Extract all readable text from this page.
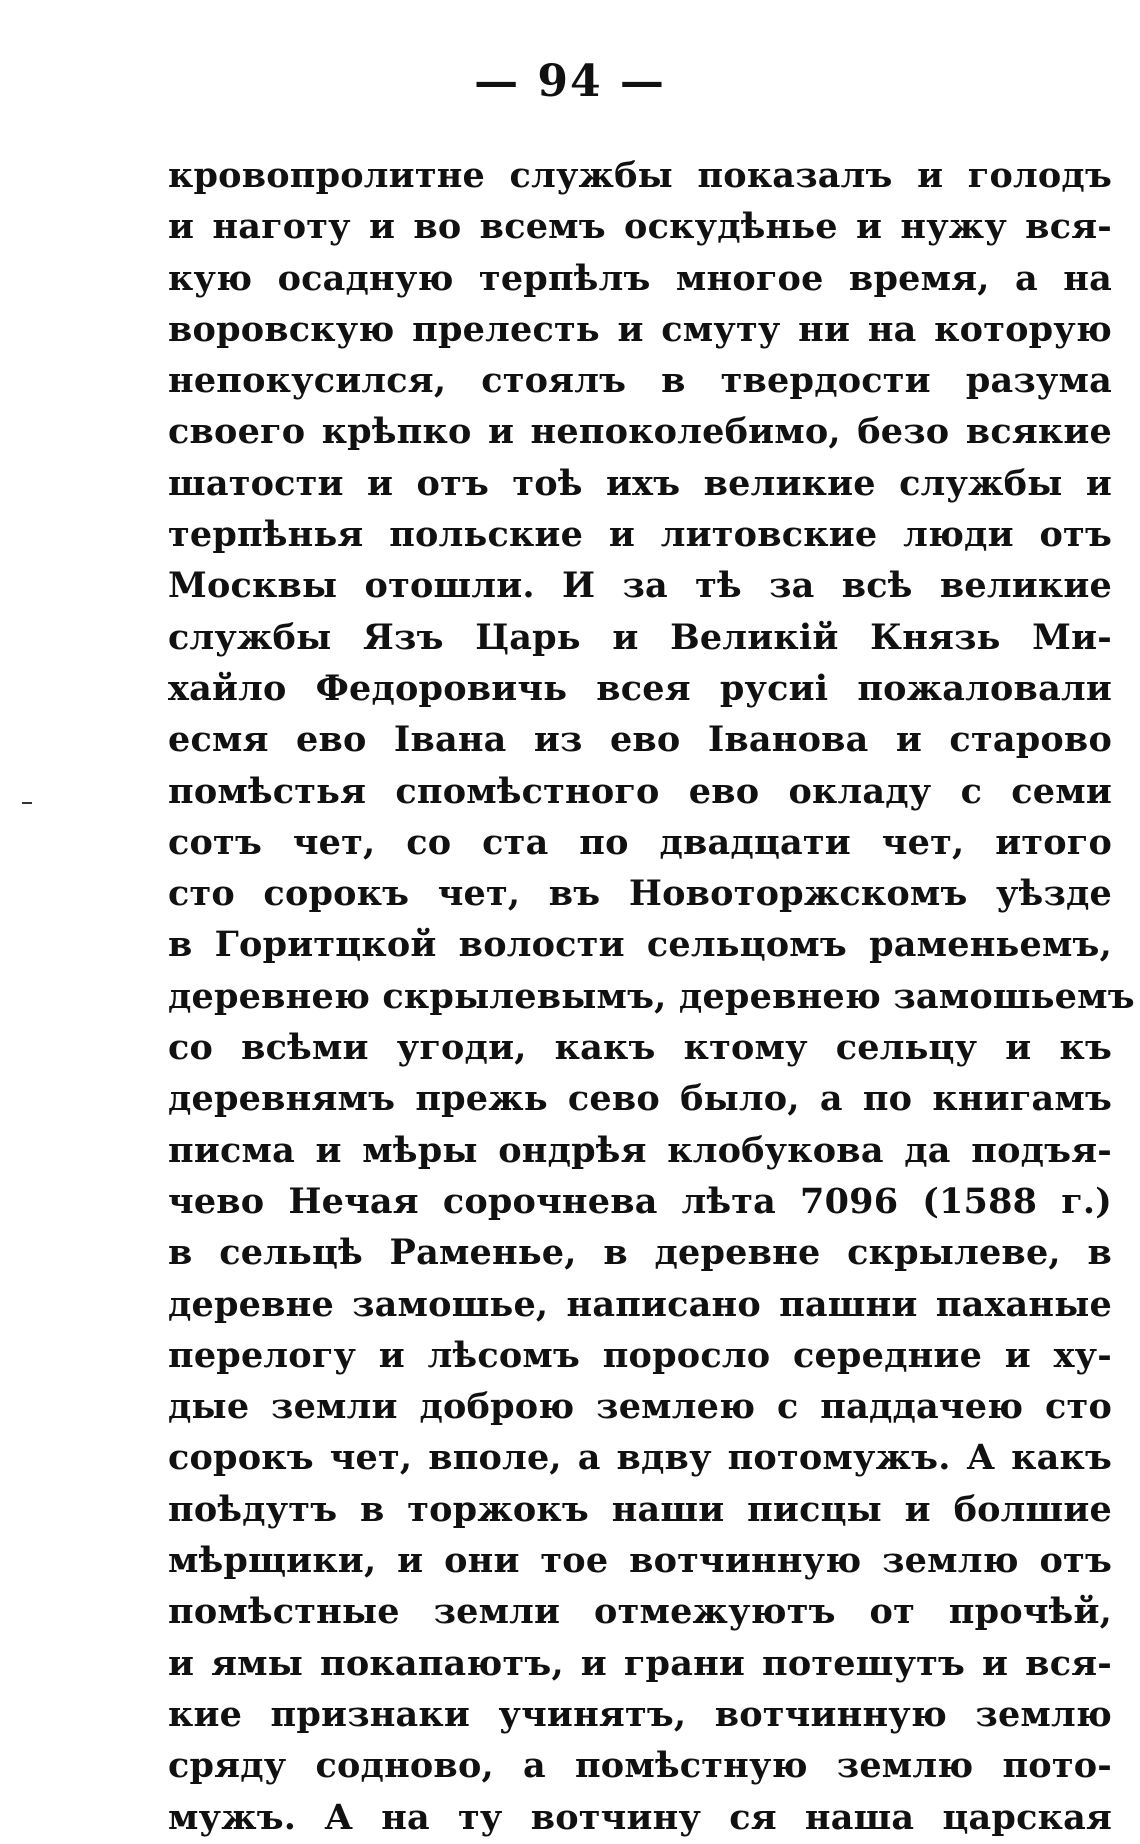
— 94 —
кровопролитне службы показалъ и голодъ
и наготу и во всемъ оскудѣнье и нужу вся-
кую осадную терпѣлъ многое время, а на
воровскую прелесть и смуту ни на которую
непокусился, стоялъ в твердости разума
своего крѣпко и непоколебимо, безо всякие
шатости и отъ тоѣ ихъ великие службы и
терпѣнья польские и литовские люди отъ
Москвы отошли. И за тѣ за всѣ великие
службы Язъ Царь и Великій Князь Ми-
хайло Федоровичь всея русиі пожаловали
есмя ево Івана из ево Іванова и старово
помѣстья спомѣстного ево окладу с семи
сотъ чет, со ста по двадцати чет, итого
сто сорокъ чет, въ Новоторжскомъ уѣзде
в Горитцкой волости сельцомъ раменьемъ,
деревнею скрылевымъ, деревнею замошьемъ
со всѣми угоди, какъ ктому сельцу и къ
деревнямъ прежь сево было, а по книгамъ
писма и мѣры ондрѣя клобукова да подъя-
чево Нечая сорочнева лѣта 7096 (1588 г.)
в сельцѣ Раменье, в деревне скрылеве, в
деревне замошье, написано пашни паханые
перелогу и лѣсомъ поросло середние и ху-
дые земли доброю землею с паддачею сто
сорокъ чет, вполе, а вдву потомужъ. А какъ
поѣдутъ в торжокъ наши писцы и болшие
мѣрщики, и они тое вотчинную землю отъ
помѣстные земли отмежуютъ от прочѣй,
и ямы покапаютъ, и грани потешутъ и вся-
кие признаки учинятъ, вотчинную землю
сряду содново, а помѣстную землю пото-
мужъ. А на ту вотчину ся наша царская
